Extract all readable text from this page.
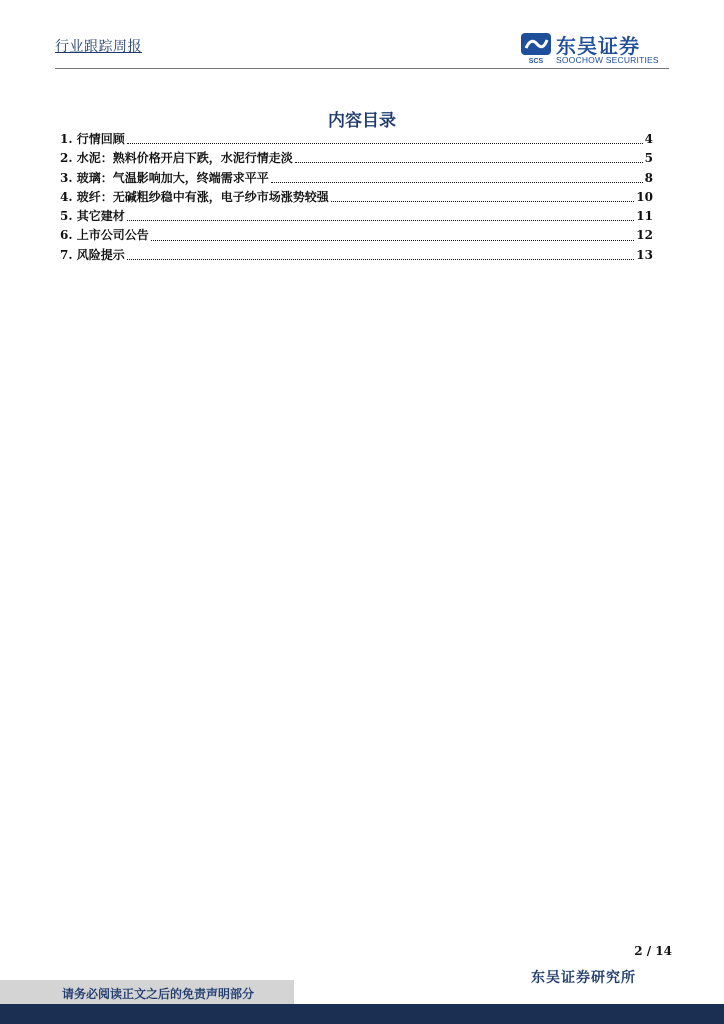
行业跟踪周报
SCS
东吴证券
SOOCHOW SECURITIES
内容目录
1. 行情回顾	4
2. 水泥：熟料价格开启下跌，水泥行情走淡	5
3. 玻璃：气温影响加大，终端需求平平	8
4. 玻纤：无碱粗纱稳中有涨，电子纱市场涨势较强	10
5. 其它建材	11
6. 上市公司公告	12
7. 风险提示	13
2 / 14
东吴证券研究所
请务必阅读正文之后的免责声明部分
